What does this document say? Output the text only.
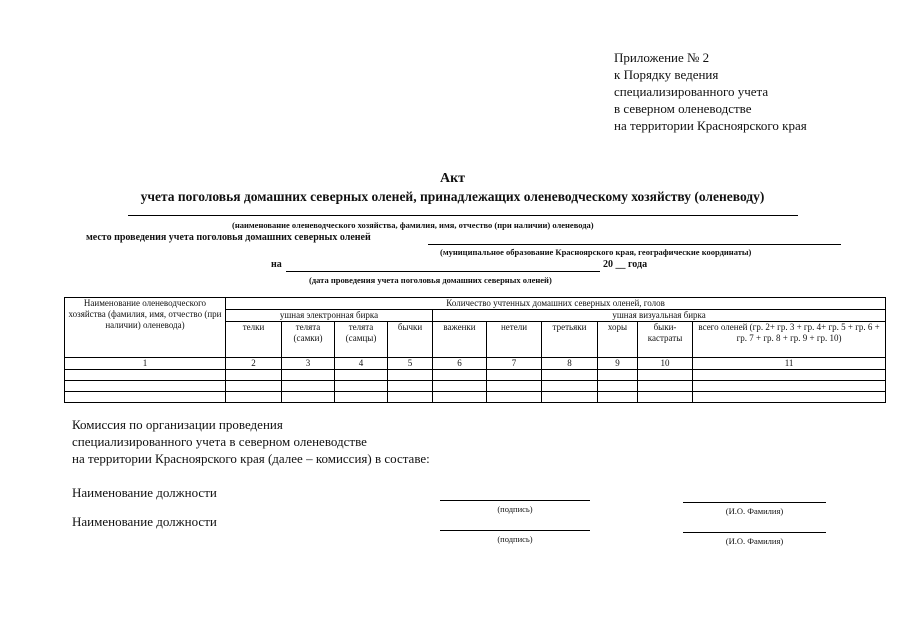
Приложение № 2
к Порядку ведения
специализированного учета
в северном оленеводстве
на территории Красноярского края
Акт
учета поголовья домашних северных оленей, принадлежащих оленеводческому хозяйству (оленеводу)
(наименование оленеводческого хозяйства, фамилия, имя, отчество (при наличии) оленевода)
место проведения учета поголовья домашних северных оленей
(муниципальное образование Красноярского края, географические координаты)
на	20 __ года
(дата проведения учета поголовья домашних северных оленей)
Наименование оленеводческого хозяйства (фамилия, имя, отчество (при наличии) оленевода)	Количество учтенных домашних северных оленей, голов									
	ушная электронная бирка				ушная визуальная бирка					
	телки	телята (самки)	телята (самцы)	бычки	важенки	нетели	третьяки	хоры	быки-кастраты	всего оленей (гр. 2+ гр. 3 + гр. 4+ гр. 5 + гр. 6 + гр. 7 + гр. 8 + гр. 9 + гр. 10)
1	2	3	4	5	6	7	8	9	10	11

Комиссия по организации проведения
специализированного учета в северном оленеводстве
на территории Красноярского края (далее – комиссия) в составе:
Наименование должности
(подпись)	(И.О. Фамилия)
Наименование должности
(подпись)	(И.О. Фамилия)
